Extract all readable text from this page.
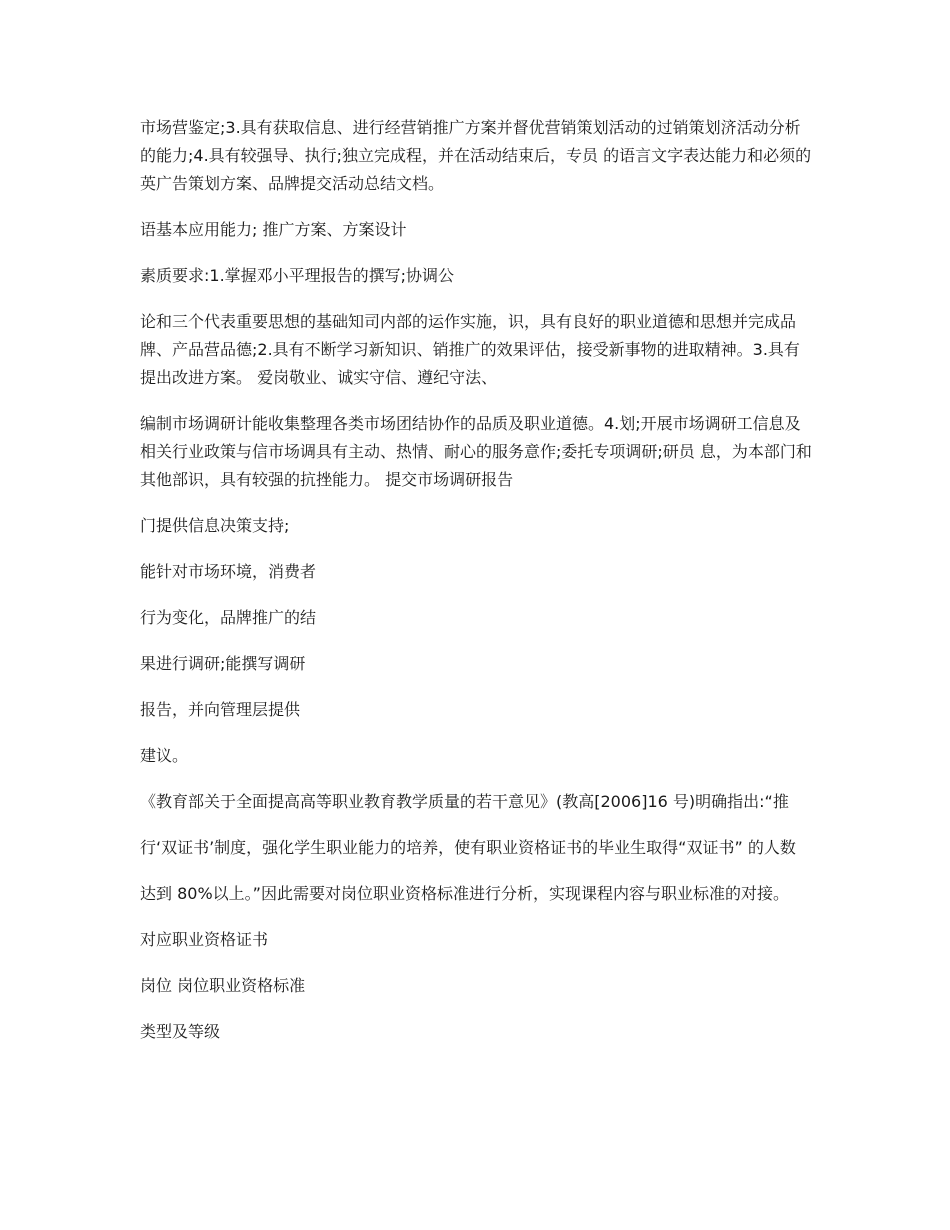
市场营鉴定;3.具有获取信息、进行经营销推广方案并督优营销策划活动的过销策划济活动分析的能力;4.具有较强导、执行;独立完成程，并在活动结束后，专员 的语言文字表达能力和必须的英广告策划方案、品牌提交活动总结文档。

语基本应用能力; 推广方案、方案设计

素质要求:1.掌握邓小平理报告的撰写;协调公

论和三个代表重要思想的基础知司内部的运作实施，识，具有良好的职业道德和思想并完成品牌、产品营品德;2.具有不断学习新知识、销推广的效果评估，接受新事物的进取精神。3.具有提出改进方案。 爱岗敬业、诚实守信、遵纪守法、

编制市场调研计能收集整理各类市场团结协作的品质及职业道德。4.划;开展市场调研工信息及相关行业政策与信市场调具有主动、热情、耐心的服务意作;委托专项调研;研员 息，为本部门和其他部识，具有较强的抗挫能力。 提交市场调研报告

门提供信息决策支持;

能针对市场环境，消费者

行为变化，品牌推广的结

果进行调研;能撰写调研

报告，并向管理层提供

建议。

《教育部关于全面提高高等职业教育教学质量的若干意见》(教高[2006]16 号)明确指出:“推

行‘双证书’制度，强化学生职业能力的培养，使有职业资格证书的毕业生取得“双证书” 的人数

达到 80%以上。”因此需要对岗位职业资格标准进行分析，实现课程内容与职业标准的对接。

对应职业资格证书

岗位 岗位职业资格标准

类型及等级
